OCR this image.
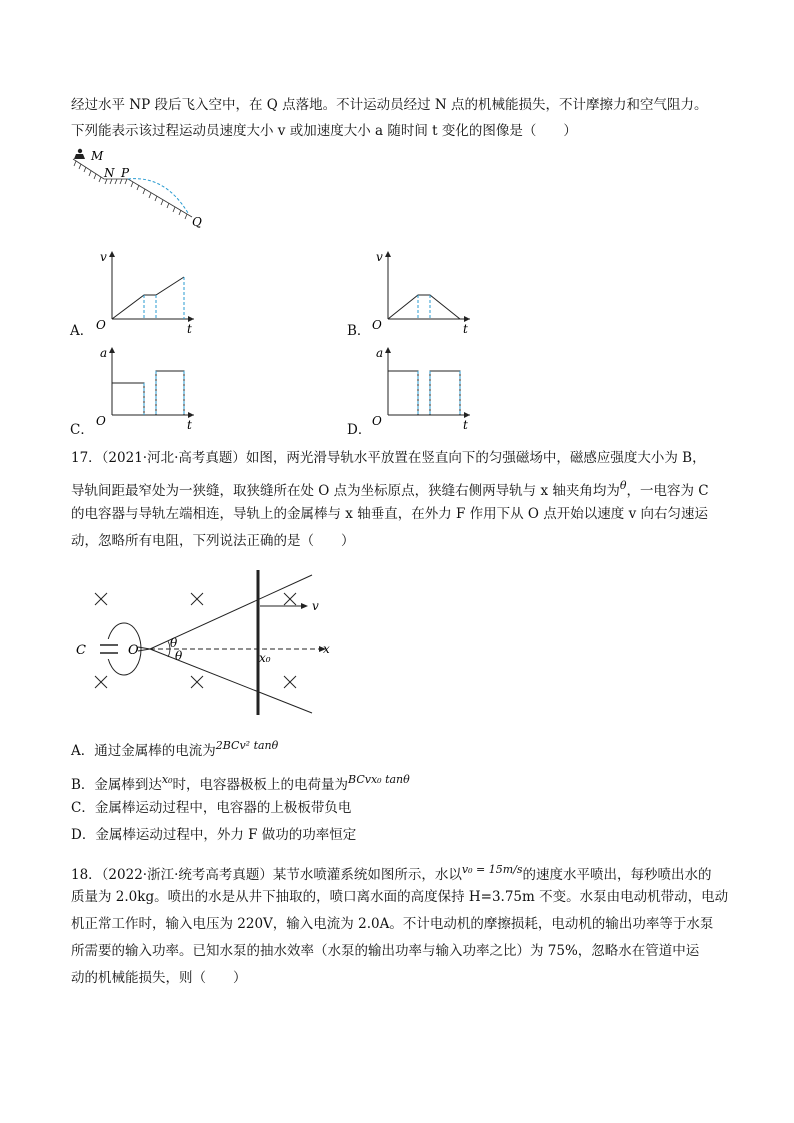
经过水平 NP 段后飞入空中，在 Q 点落地。不计运动员经过 N 点的机械能损失，不计摩擦力和空气阻力。
下列能表示该过程运动员速度大小 v 或加速度大小 a 随时间 t 变化的图像是（　　）
M
N P
Q
A．
v
O	t	B．
v
O	t
C．
a
O	t	D．
a
O	t
17．（2021·河北·高考真题）如图，两光滑导轨水平放置在竖直向下的匀强磁场中，磁感应强度大小为 B，
导轨间距最窄处为一狭缝，取狭缝所在处 O 点为坐标原点，狭缝右侧两导轨与 x 轴夹角均为$^\theta$，一电容为 C
的电容器与导轨左端相连，导轨上的金属棒与 x 轴垂直，在外力 F 作用下从 O 点开始以速度 v 向右匀速运
动，忽略所有电阻，下列说法正确的是（　　）
C	O	θ
θ	x₀
v
x
A．通过金属棒的电流为$^{2BCv^2 tan\theta}$
B．金属棒到达$^{x_0}$时，电容器极板上的电荷量为$^{BCvx_0 tan\theta}$
C．金属棒运动过程中，电容器的上极板带负电
D．金属棒运动过程中，外力 F 做功的功率恒定
18．（2022·浙江·统考高考真题）某节水喷灌系统如图所示，水以$^{v_0 = 15m/s}$的速度水平喷出，每秒喷出水的
质量为 2.0kg。喷出的水是从井下抽取的，喷口离水面的高度保持 H=3.75m 不变。水泵由电动机带动，电动
机正常工作时，输入电压为 220V，输入电流为 2.0A。不计电动机的摩擦损耗，电动机的输出功率等于水泵
所需要的输入功率。已知水泵的抽水效率（水泵的输出功率与输入功率之比）为 75%，忽略水在管道中运
动的机械能损失，则（　　）
